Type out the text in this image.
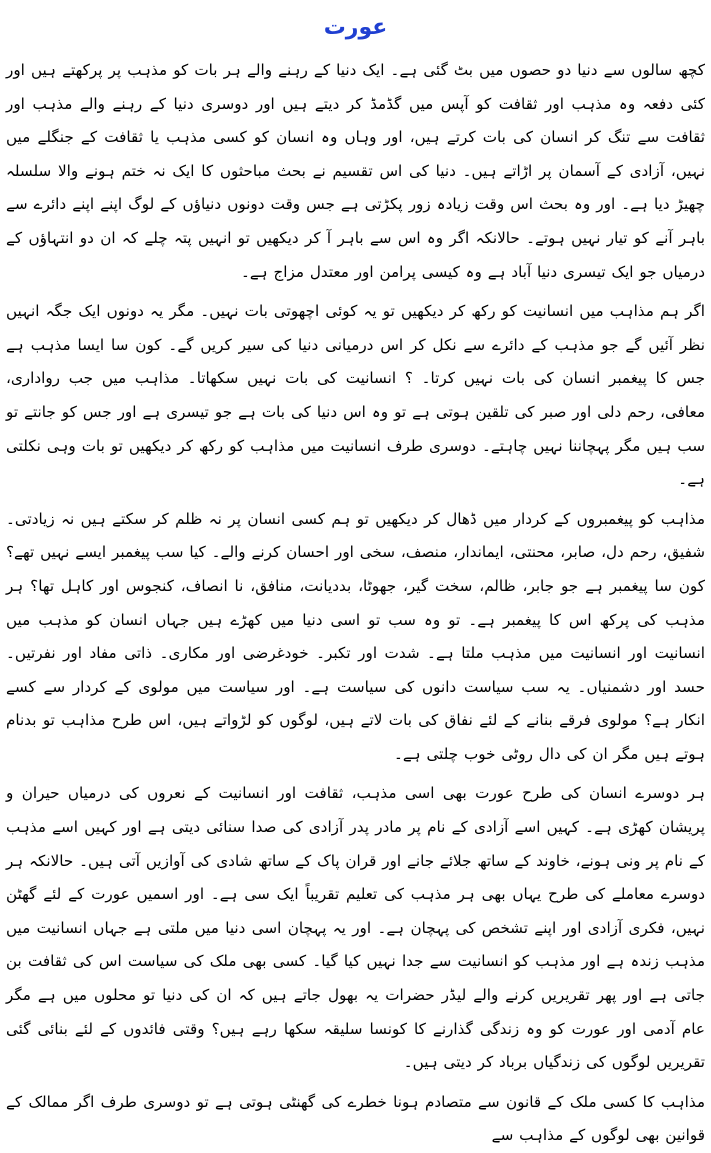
عورت

کچھ سالوں سے دنیا دو حصوں میں بٹ گئی ہے۔ ایک دنیا کے رہنے والے ہر بات کو مذہب پر پرکھتے ہیں اور کئی دفعہ وہ مذہب اور ثقافت کو آپس میں گڈمڈ کر دیتے ہیں اور دوسری دنیا کے رہنے والے مذہب اور ثقافت سے تنگ کر انسان کی بات کرتے ہیں، اور وہاں وہ انسان کو کسی مذہب یا ثقافت کے جنگلے میں نہیں، آزادی کے آسمان پر اڑاتے ہیں۔ دنیا کی اس تقسیم نے بحث مباحثوں کا ایک نہ ختم ہونے والا سلسلہ چھیڑ دیا ہے۔ اور وہ بحث اس وقت زیادہ زور پکڑتی ہے جس وقت دونوں دنیاؤں کے لوگ اپنے اپنے دائرے سے باہر آنے کو تیار نہیں ہوتے۔ حالانکہ اگر وہ اس سے باہر آ کر دیکھیں تو انہیں پتہ چلے کہ ان دو انتہاؤں کے درمیاں جو ایک تیسری دنیا آباد ہے وہ کیسی پرامن اور معتدل مزاج ہے۔

اگر ہم مذاہب میں انسانیت کو رکھ کر دیکھیں تو یہ کوئی اچھوتی بات نہیں۔ مگر یہ دونوں ایک جگہ انہیں نظر آئیں گے جو مذہب کے دائرے سے نکل کر اس درمیانی دنیا کی سیر کریں گے۔ کون سا ایسا مذہب ہے جس کا پیغمبر انسان کی بات نہیں کرتا۔ ؟ انسانیت کی بات نہیں سکھاتا۔ مذاہب میں جب رواداری، معافی، رحم دلی اور صبر کی تلقین ہوتی ہے تو وہ اس دنیا کی بات ہے جو تیسری ہے اور جس کو جانتے تو سب ہیں مگر پہچاننا نہیں چاہتے۔ دوسری طرف انسانیت میں مذاہب کو رکھ کر دیکھیں تو بات وہی نکلتی ہے۔

مذاہب کو پیغمبروں کے کردار میں ڈھال کر دیکھیں تو ہم کسی انسان پر نہ ظلم کر سکتے ہیں نہ زیادتی۔ شفیق، رحم دل، صابر، محنتی، ایماندار، منصف، سخی اور احسان کرنے والے۔ کیا سب پیغمبر ایسے نہیں تھے؟ کون سا پیغمبر ہے جو جابر، ظالم، سخت گیر، جھوٹا، بددیانت، منافق، نا انصاف، کنجوس اور کاہل تھا؟ ہر مذہب کی پرکھ اس کا پیغمبر ہے۔ تو وہ سب تو اسی دنیا میں کھڑے ہیں جہاں انسان کو مذہب میں انسانیت اور انسانیت میں مذہب ملتا ہے۔ شدت اور تکبر۔ خودغرضی اور مکاری۔ ذاتی مفاد اور نفرتیں۔ حسد اور دشمنیاں۔ یہ سب سیاست دانوں کی سیاست ہے۔ اور سیاست میں مولوی کے کردار سے کسے انکار ہے؟ مولوی فرقے بنانے کے لئے نفاق کی بات لاتے ہیں، لوگوں کو لڑواتے ہیں، اس طرح مذاہب تو بدنام ہوتے ہیں مگر ان کی دال روٹی خوب چلتی ہے۔

ہر دوسرے انسان کی طرح عورت بھی اسی مذہب، ثقافت اور انسانیت کے نعروں کی درمیاں حیران و پریشان کھڑی ہے۔ کہیں اسے آزادی کے نام پر مادر پدر آزادی کی صدا سنائی دیتی ہے اور کہیں اسے مذہب کے نام پر ونی ہونے، خاوند کے ساتھ جلائے جانے اور قران پاک کے ساتھ شادی کی آوازیں آتی ہیں۔ حالانکہ ہر دوسرے معاملے کی طرح یہاں بھی ہر مذہب کی تعلیم تقریباً ایک سی ہے۔ اور اسمیں عورت کے لئے گھٹن نہیں، فکری آزادی اور اپنے تشخص کی پہچان ہے۔ اور یہ پہچان اسی دنیا میں ملتی ہے جہاں انسانیت میں مذہب زندہ ہے اور مذہب کو انسانیت سے جدا نہیں کیا گیا۔ کسی بھی ملک کی سیاست اس کی ثقافت بن جاتی ہے اور پھر تقریریں کرنے والے لیڈر حضرات یہ بھول جاتے ہیں کہ ان کی دنیا تو محلوں میں ہے مگر عام آدمی اور عورت کو وہ زندگی گذارنے کا کونسا سلیقہ سکھا رہے ہیں؟ وقتی فائدوں کے لئے بنائی گئی تقریریں لوگوں کی زندگیاں برباد کر دیتی ہیں۔

مذاہب کا کسی ملک کے قانون سے متصادم ہونا خطرے کی گھنٹی ہوتی ہے تو دوسری طرف اگر ممالک کے قوانین بھی لوگوں کے مذاہب سے
